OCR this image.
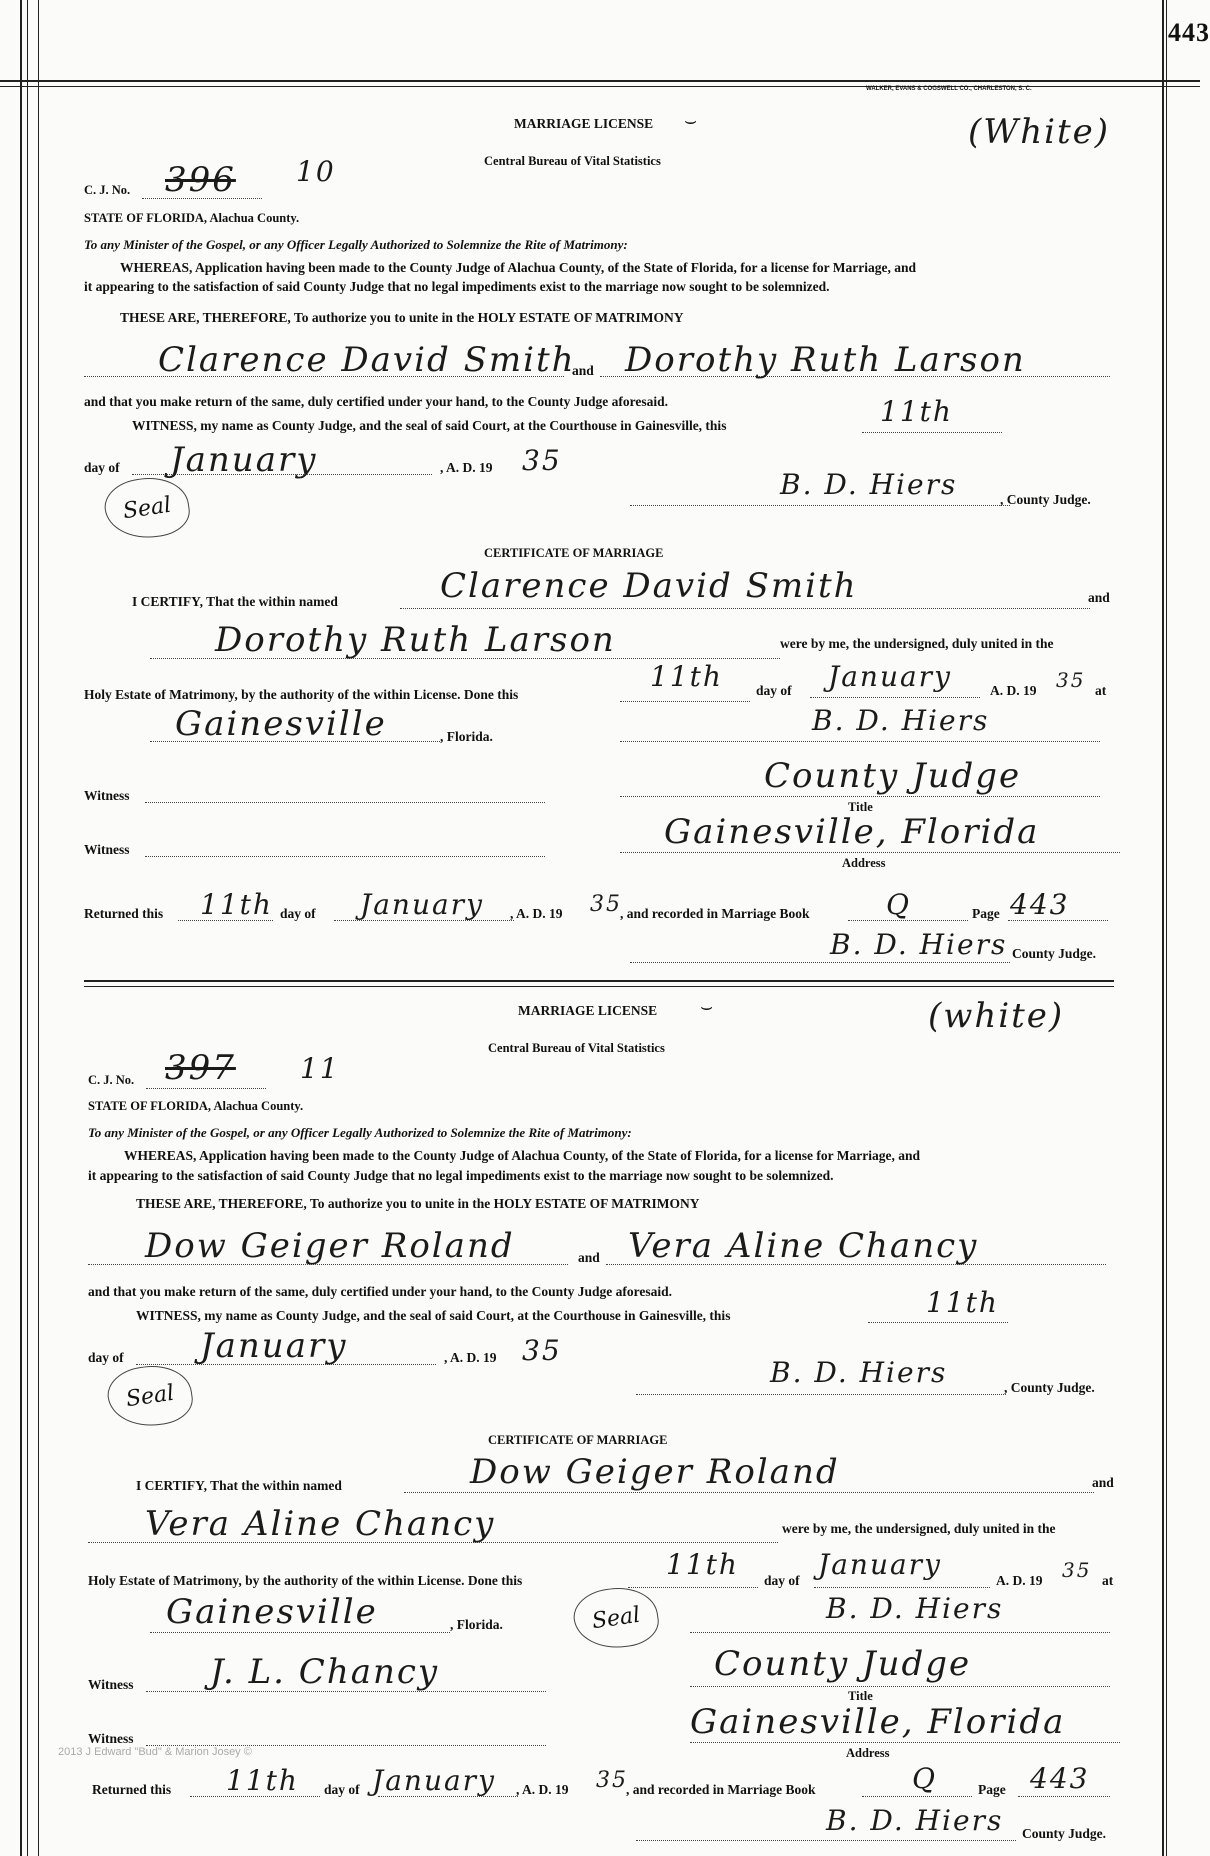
443
WALKER, EVANS & COGSWELL CO., CHARLESTON, S. C.
MARRIAGE LICENSE ⌣	(White)
Central Bureau of Vital Statistics
C. J. No. 396 10
STATE OF FLORIDA, Alachua County.
To any Minister of the Gospel, or any Officer Legally Authorized to Solemnize the Rite of Matrimony:
WHEREAS, Application having been made to the County Judge of Alachua County, of the State of Florida, for a license for Marriage, and
it appearing to the satisfaction of said County Judge that no legal impediments exist to the marriage now sought to be solemnized.
THESE ARE, THEREFORE, To authorize you to unite in the HOLY ESTATE OF MATRIMONY
Clarence David Smith
and Dorothy Ruth Larson
and that you make return of the same, duly certified under your hand, to the County Judge aforesaid.
WITNESS, my name as County Judge, and the seal of said Court, at the Courthouse in Gainesville, this	11th
day of January	, A. D. 19 35
Seal
B. D. Hiers	, County Judge.
CERTIFICATE OF MARRIAGE
I CERTIFY, That the within named	Clarence David Smith	and
Dorothy Ruth Larson	were by me, the undersigned, duly united in the
Holy Estate of Matrimony, by the authority of the within License. Done this
11th day of January	A. D. 19 35 at
Gainesville	, Florida.	B. D. Hiers
Witness	County Judge
Title
Witness	Gainesville, Florida
Address
Returned this 11th day of January , A. D. 19 35
, and recorded in Marriage Book	Q	Page 443
B. D. Hiers County Judge.
MARRIAGE LICENSE ⌣	(white)
Central Bureau of Vital Statistics
C. J. No. 397 11
STATE OF FLORIDA, Alachua County.
To any Minister of the Gospel, or any Officer Legally Authorized to Solemnize the Rite of Matrimony:
WHEREAS, Application having been made to the County Judge of Alachua County, of the State of Florida, for a license for Marriage, and
it appearing to the satisfaction of said County Judge that no legal impediments exist to the marriage now sought to be solemnized.
THESE ARE, THEREFORE, To authorize you to unite in the HOLY ESTATE OF MATRIMONY
Dow Geiger Roland	and Vera Aline Chancy
and that you make return of the same, duly certified under your hand, to the County Judge aforesaid.
WITNESS, my name as County Judge, and the seal of said Court, at the Courthouse in Gainesville, this	11th
day of January	, A. D. 19 35
Seal
B. D. Hiers	, County Judge.
CERTIFICATE OF MARRIAGE
I CERTIFY, That the within named	Dow Geiger Roland	and
Vera Aline Chancy	were by me, the undersigned, duly united in the
Holy Estate of Matrimony, by the authority of the within License. Done this	11th day of January	A. D. 19 35 at
Gainesville	, Florida.	Seal	B. D. Hiers
Witness J. L. Chancy	County Judge
Title
Witness	Gainesville, Florida
Address
2013 J Edward "Bud" & Marion Josey ©
Returned this 11th day of January , A. D. 19 35
, and recorded in Marriage Book	Q	Page 443
B. D. Hiers County Judge.
